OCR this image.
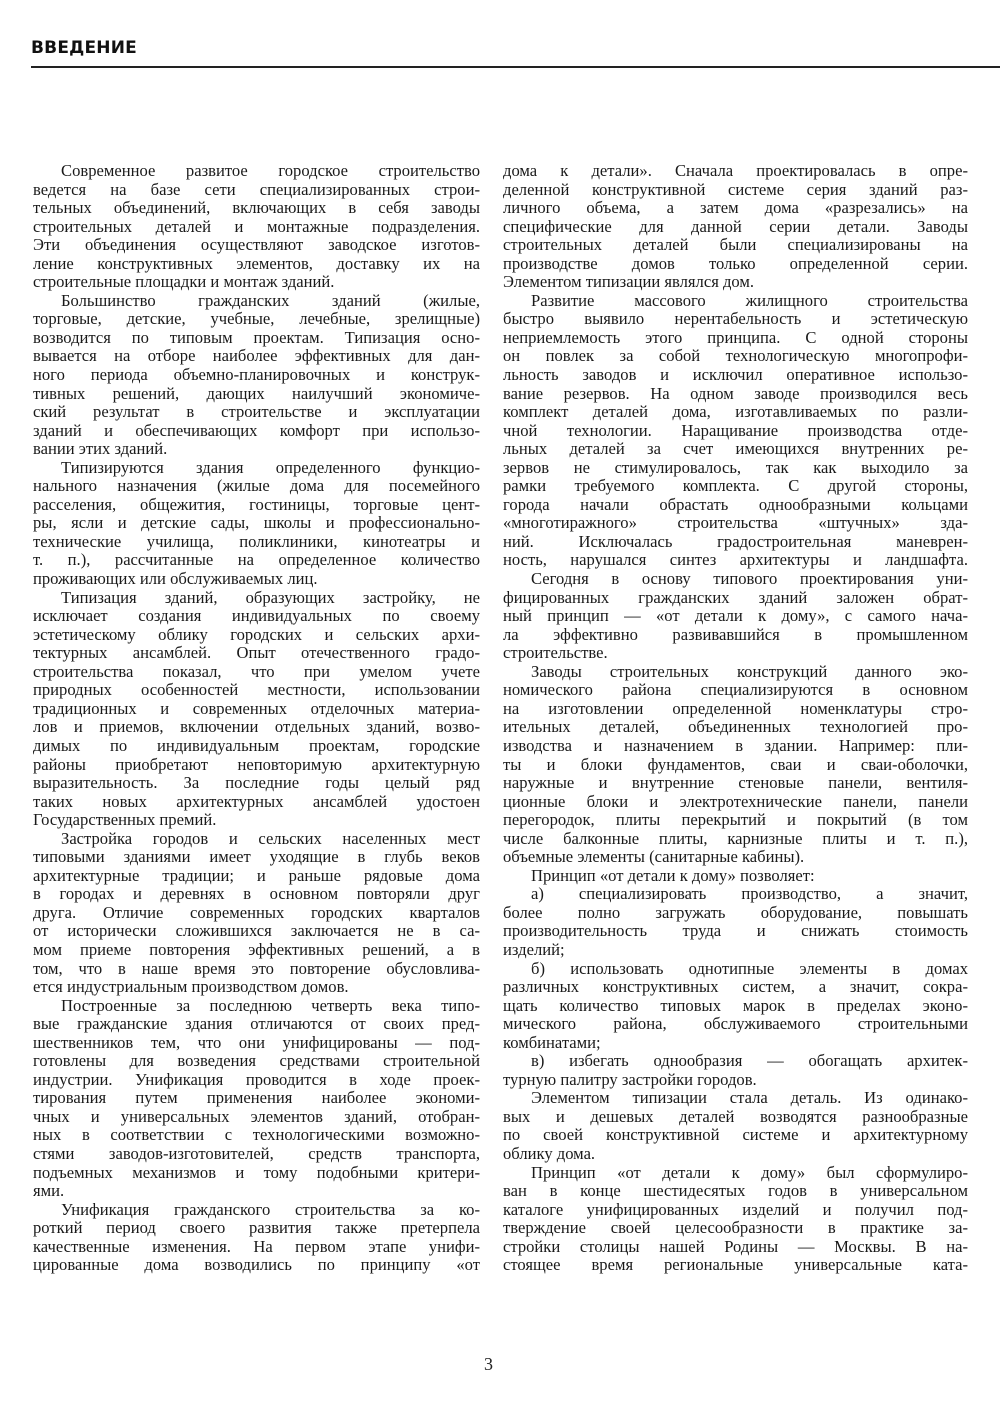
ВВЕДЕНИЕ
Современное развитое городское строительство
ведется на базе сети специализированных строи-
тельных объединений, включающих в себя заводы
строительных деталей и монтажные подразделения.
Эти объединения осуществляют заводское изготов-
ление конструктивных элементов, доставку их на
строительные площадки и монтаж зданий.
Большинство гражданских зданий (жилые,
торговые, детские, учебные, лечебные, зрелищные)
возводится по типовым проектам. Типизация осно-
вывается на отборе наиболее эффективных для дан-
ного периода объемно-планировочных и конструк-
тивных решений, дающих наилучший экономиче-
ский результат в строительстве и эксплуатации
зданий и обеспечивающих комфорт при использо-
вании этих зданий.
Типизируются здания определенного функцио-
нального назначения (жилые дома для посемейного
расселения, общежития, гостиницы, торговые цент-
ры, ясли и детские сады, школы и профессионально-
технические училища, поликлиники, кинотеатры и
т. п.), рассчитанные на определенное количество
проживающих или обслуживаемых лиц.
Типизация зданий, образующих застройку, не
исключает создания индивидуальных по своему
эстетическому облику городских и сельских архи-
тектурных ансамблей. Опыт отечественного градо-
строительства показал, что при умелом учете
природных особенностей местности, использовании
традиционных и современных отделочных материа-
лов и приемов, включении отдельных зданий, возво-
димых по индивидуальным проектам, городские
районы приобретают неповторимую архитектурную
выразительность. За последние годы целый ряд
таких новых архитектурных ансамблей удостоен
Государственных премий.
Застройка городов и сельских населенных мест
типовыми зданиями имеет уходящие в глубь веков
архитектурные традиции; и раньше рядовые дома
в городах и деревнях в основном повторяли друг
друга. Отличие современных городских кварталов
от исторически сложившихся заключается не в са-
мом приеме повторения эффективных решений, а в
том, что в наше время это повторение обусловлива-
ется индустриальным производством домов.
Построенные за последнюю четверть века типо-
вые гражданские здания отличаются от своих пред-
шественников тем, что они унифицированы — под-
готовлены для возведения средствами строительной
индустрии. Унификация проводится в ходе проек-
тирования путем применения наиболее экономи-
чных и универсальных элементов зданий, отобран-
ных в соответствии с технологическими возможно-
стями заводов-изготовителей, средств транспорта,
подъемных механизмов и тому подобными критери-
ями.
Унификация гражданского строительства за ко-
роткий период своего развития также претерпела
качественные изменения. На первом этапе унифи-
цированные дома возводились по принципу «от
дома к детали». Сначала проектировалась в опре-
деленной конструктивной системе серия зданий раз-
личного объема, а затем дома «разрезались» на
специфические для данной серии детали. Заводы
строительных деталей были специализированы на
производстве домов только определенной серии.
Элементом типизации являлся дом.
Развитие массового жилищного строительства
быстро выявило нерентабельность и эстетическую
неприемлемость этого принципа. С одной стороны
он повлек за собой технологическую многопрофи-
льность заводов и исключил оперативное использо-
вание резервов. На одном заводе производился весь
комплект деталей дома, изготавливаемых по разли-
чной технологии. Наращивание производства отде-
льных деталей за счет имеющихся внутренних ре-
зервов не стимулировалось, так как выходило за
рамки требуемого комплекта. С другой стороны,
города начали обрастать однообразными кольцами
«многотиражного» строительства «штучных» зда-
ний. Исключалась градостроительная маневрен-
ность, нарушался синтез архитектуры и ландшафта.
Сегодня в основу типового проектирования уни-
фицированных гражданских зданий заложен обрат-
ный принцип — «от детали к дому», с самого нача-
ла эффективно развивавшийся в промышленном
строительстве.
Заводы строительных конструкций данного эко-
номического района специализируются в основном
на изготовлении определенной номенклатуры стро-
ительных деталей, объединенных технологией про-
изводства и назначением в здании. Например: пли-
ты и блоки фундаментов, сваи и сваи-оболочки,
наружные и внутренние стеновые панели, вентиля-
ционные блоки и электротехнические панели, панели
перегородок, плиты перекрытий и покрытий (в том
числе балконные плиты, карнизные плиты и т. п.),
объемные элементы (санитарные кабины).
Принцип «от детали к дому» позволяет:
а) специализировать производство, а значит,
более полно загружать оборудование, повышать
производительность труда и снижать стоимость
изделий;
б) использовать однотипные элементы в домах
различных конструктивных систем, а значит, сокра-
щать количество типовых марок в пределах эконо-
мического района, обслуживаемого строительными
комбинатами;
в) избегать однообразия — обогащать архитек-
турную палитру застройки городов.
Элементом типизации стала деталь. Из одинако-
вых и дешевых деталей возводятся разнообразные
по своей конструктивной системе и архитектурному
облику дома.
Принцип «от детали к дому» был сформулиро-
ван в конце шестидесятых годов в универсальном
каталоге унифицированных изделий и получил под-
тверждение своей целесообразности в практике за-
стройки столицы нашей Родины — Москвы. В на-
стоящее время региональные универсальные ката-
3
